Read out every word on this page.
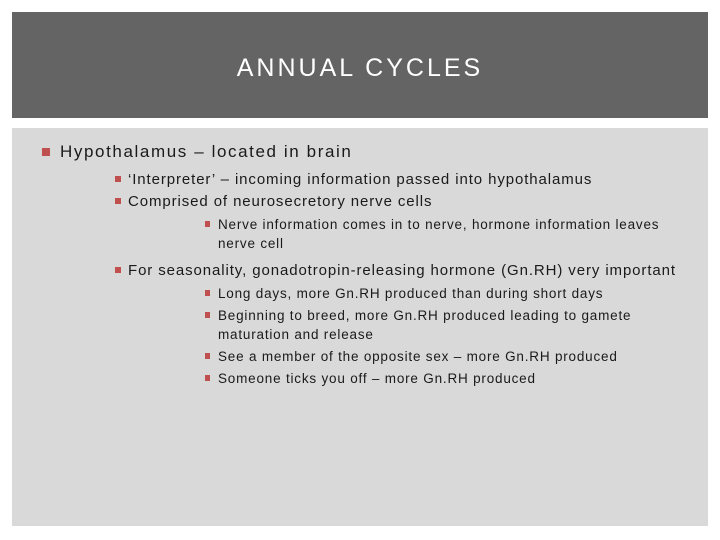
ANNUAL CYCLES
Hypothalamus – located in brain
‘Interpreter’ – incoming information passed into hypothalamus
Comprised of neurosecretory nerve cells
Nerve information comes in to nerve, hormone information leaves nerve cell
For seasonality, gonadotropin-releasing hormone (Gn.RH) very important
Long days, more Gn.RH produced than during short days
Beginning to breed, more Gn.RH produced leading to gamete maturation and release
See a member of the opposite sex – more Gn.RH produced
Someone ticks you off – more Gn.RH produced
